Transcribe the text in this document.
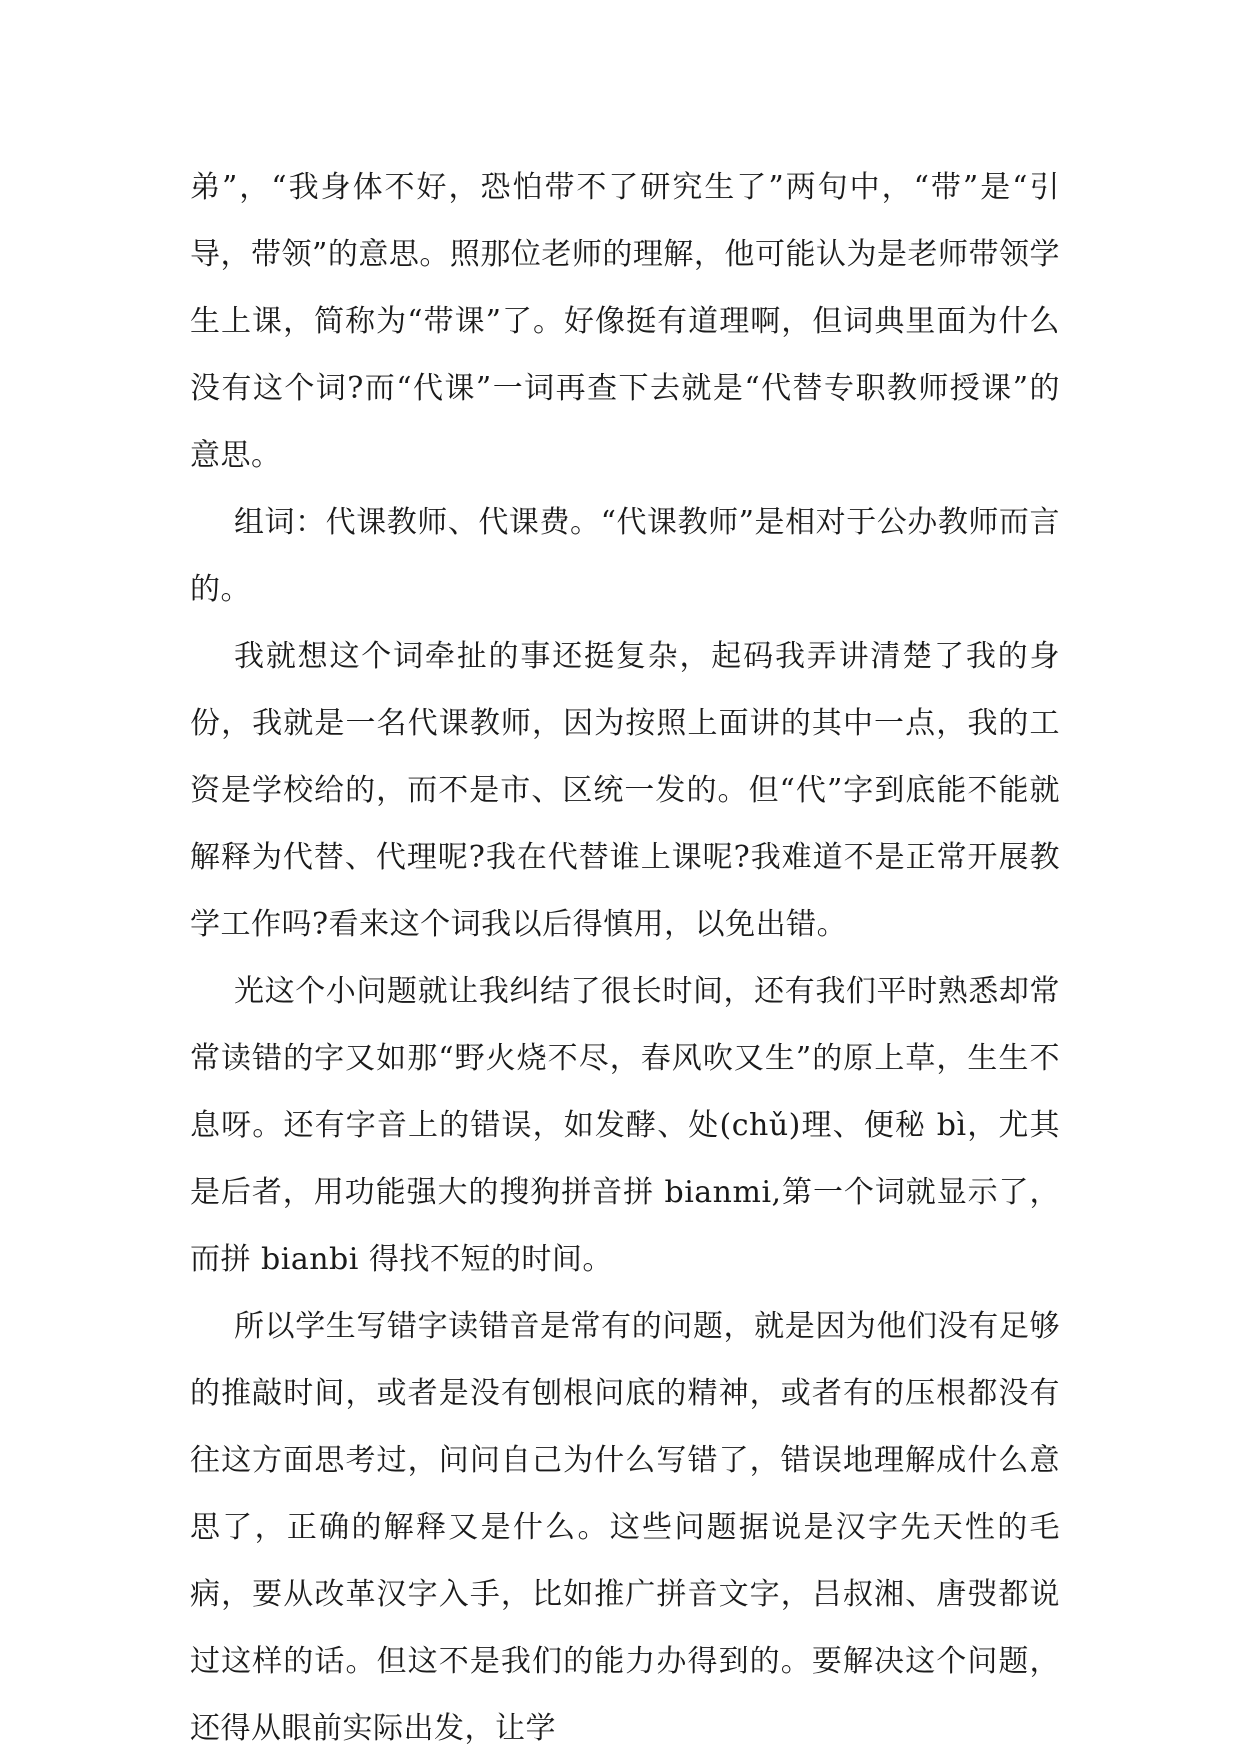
弟”，“我身体不好，恐怕带不了研究生了”两句中，“带”是“引导，带领”的意思。照那位老师的理解，他可能认为是老师带领学生上课，简称为“带课”了。好像挺有道理啊，但词典里面为什么没有这个词?而“代课”一词再查下去就是“代替专职教师授课”的意思。

组词：代课教师、代课费。“代课教师”是相对于公办教师而言的。

我就想这个词牵扯的事还挺复杂，起码我弄讲清楚了我的身份，我就是一名代课教师，因为按照上面讲的其中一点，我的工资是学校给的，而不是市、区统一发的。但“代”字到底能不能就解释为代替、代理呢?我在代替谁上课呢?我难道不是正常开展教学工作吗?看来这个词我以后得慎用，以免出错。

光这个小问题就让我纠结了很长时间，还有我们平时熟悉却常常读错的字又如那“野火烧不尽，春风吹又生”的原上草，生生不息呀。还有字音上的错误，如发酵、处(chǔ)理、便秘 bì，尤其是后者，用功能强大的搜狗拼音拼 bianmi,第一个词就显示了，而拼 bianbi 得找不短的时间。

所以学生写错字读错音是常有的问题，就是因为他们没有足够的推敲时间，或者是没有刨根问底的精神，或者有的压根都没有往这方面思考过，问问自己为什么写错了，错误地理解成什么意思了，正确的解释又是什么。这些问题据说是汉字先天性的毛病，要从改革汉字入手，比如推广拼音文字，吕叔湘、唐弢都说过这样的话。但这不是我们的能力办得到的。要解决这个问题，还得从眼前实际出发，让学
